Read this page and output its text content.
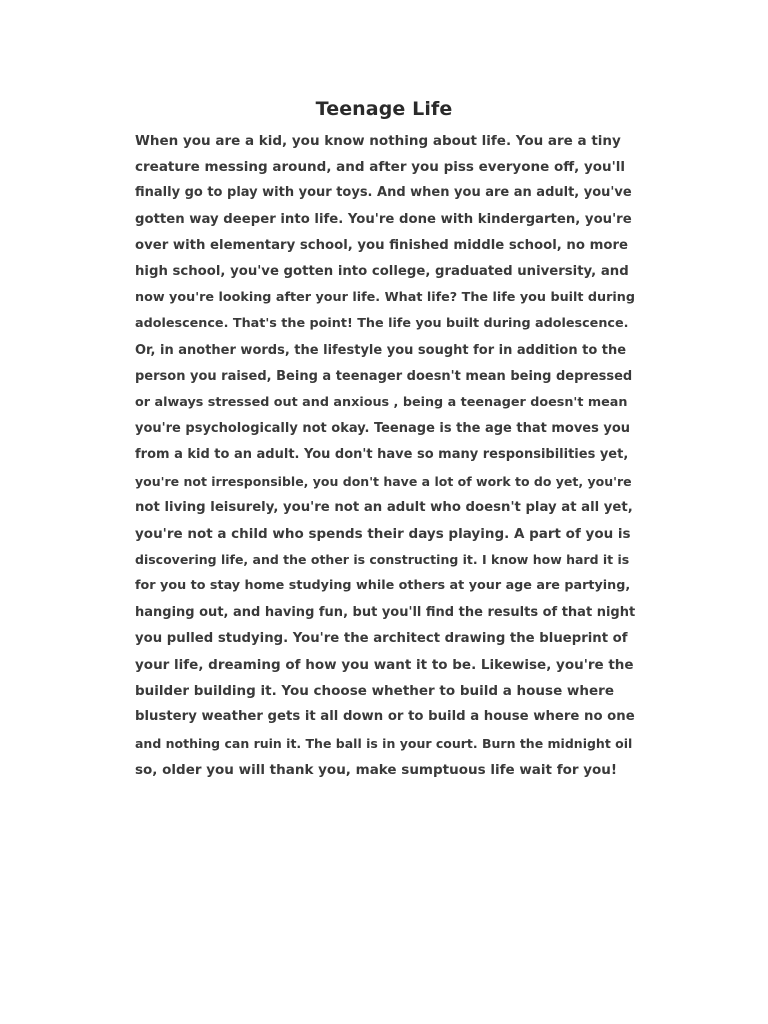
Teenage Life
When you are a kid, you know nothing about life. You are a tiny
creature messing around, and after you piss everyone off, you'll
finally go to play with your toys. And when you are an adult, you've
gotten way deeper into life. You're done with kindergarten, you're
over with elementary school, you finished middle school, no more
high school, you've gotten into college, graduated university, and
now you're looking after your life. What life? The life you built during
adolescence. That's the point! The life you built during adolescence.
Or, in another words, the lifestyle you sought for in addition to the
person you raised, Being a teenager doesn't mean being depressed
or always stressed out and anxious , being a teenager doesn't mean
you're psychologically not okay. Teenage is the age that moves you
from a kid to an adult. You don't have so many responsibilities yet,
you're not irresponsible, you don't have a lot of work to do yet, you're
not living leisurely, you're not an adult who doesn't play at all yet,
you're not a child who spends their days playing. A part of you is
discovering life, and the other is constructing it. I know how hard it is
for you to stay home studying while others at your age are partying,
hanging out, and having fun, but you'll find the results of that night
you pulled studying. You're the architect drawing the blueprint of
your life, dreaming of how you want it to be. Likewise, you're the
builder building it. You choose whether to build a house where
blustery weather gets it all down or to build a house where no one
and nothing can ruin it. The ball is in your court. Burn the midnight oil
so, older you will thank you, make sumptuous life wait for you!
